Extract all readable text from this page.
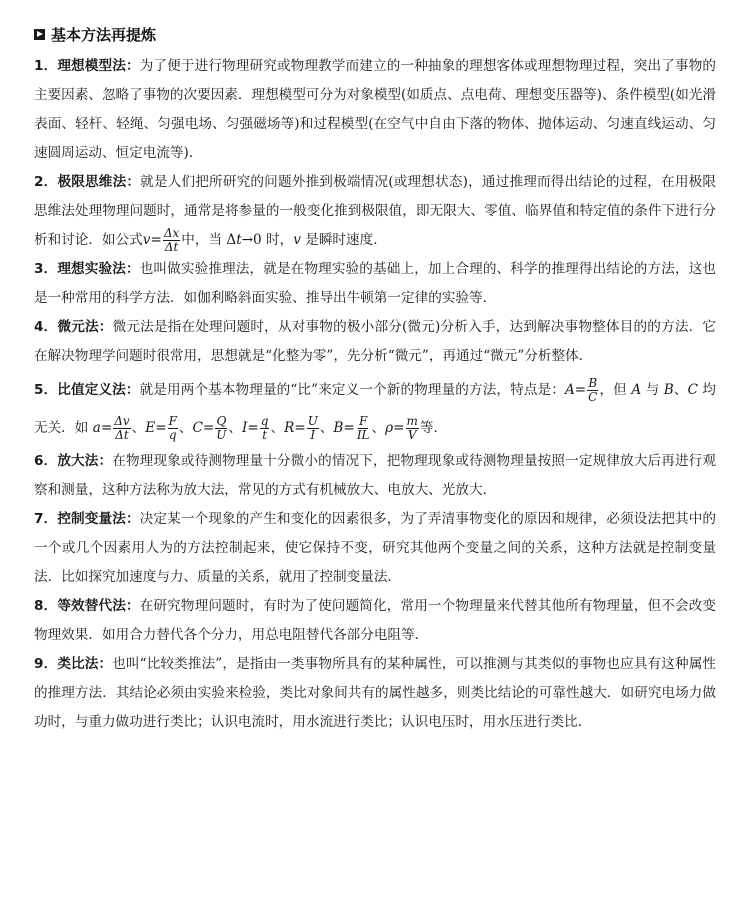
基本方法再提炼

1．理想模型法：为了便于进行物理研究或物理教学而建立的一种抽象的理想客体或理想物理过程，突出了事物的主要因素、忽略了事物的次要因素．理想模型可分为对象模型(如质点、点电荷、理想变压器等)、条件模型(如光滑表面、轻杆、轻绳、匀强电场、匀强磁场等)和过程模型(在空气中自由下落的物体、抛体运动、匀速直线运动、匀速圆周运动、恒定电流等)．

2．极限思维法：就是人们把所研究的问题外推到极端情况(或理想状态)，通过推理而得出结论的过程，在用极限思维法处理物理问题时，通常是将参量的一般变化推到极限值，即无限大、零值、临界值和特定值的条件下进行分析和讨论．如公式$v= \frac{\Delta x}{\Delta t}$ 中，当 Δt→0 时，v 是瞬时速度．

3．理想实验法：也叫做实验推理法，就是在物理实验的基础上，加上合理的、科学的推理得出结论的方法，这也是一种常用的科学方法．如伽利略斜面实验、推导出牛顿第一定律的实验等．

4．微元法：微元法是指在处理问题时，从对事物的极小部分(微元)分析入手，达到解决事物整体目的的方法．它在解决物理学问题时很常用，思想就是“化整为零”，先分析“微元”，再通过“微元”分析整体．

5．比值定义法：就是用两个基本物理量的“比”来定义一个新的物理量的方法，特点是：$A= \frac{B}{C}$ ，但 A 与 B、C 均无关．如 $a= \frac{\Delta v}{\Delta t}$ 、$E= \frac{F}{q}$ 、$C= \frac{Q}{U}$ 、$I= \frac{q}{t}$ 、$R= \frac{U}{I}$ 、$B= \frac{F}{IL}$ 、$\rho= \frac{m}{V}$ 等．

6．放大法：在物理现象或待测物理量十分微小的情况下，把物理现象或待测物理量按照一定规律放大后再进行观察和测量，这种方法称为放大法，常见的方式有机械放大、电放大、光放大．

7．控制变量法：决定某一个现象的产生和变化的因素很多，为了弄清事物变化的原因和规律，必须设法把其中的一个或几个因素用人为的方法控制起来，使它保持不变，研究其他两个变量之间的关系，这种方法就是控制变量法．比如探究加速度与力、质量的关系，就用了控制变量法．

8．等效替代法：在研究物理问题时，有时为了使问题简化，常用一个物理量来代替其他所有物理量，但不会改变物理效果．如用合力替代各个分力，用总电阻替代各部分电阻等．

9．类比法：也叫“比较类推法”，是指由一类事物所具有的某种属性，可以推测与其类似的事物也应具有这种属性的推理方法．其结论必须由实验来检验，类比对象间共有的属性越多，则类比结论的可靠性越大．如研究电场力做功时，与重力做功进行类比；认识电流时，用水流进行类比；认识电压时，用水压进行类比．
